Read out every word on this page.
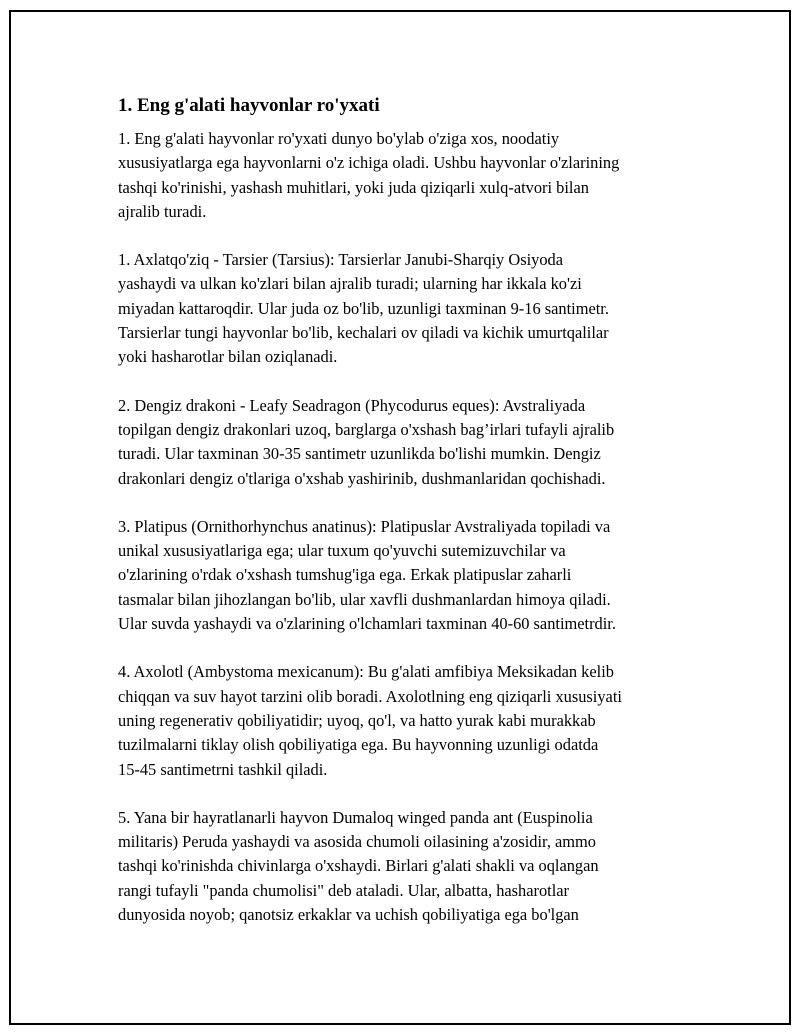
1. Eng g'alati hayvonlar ro'yxati

1. Eng g'alati hayvonlar ro'yxati dunyo bo'ylab o'ziga xos, noodatiy
xususiyatlarga ega hayvonlarni o'z ichiga oladi. Ushbu hayvonlar o'zlarining
tashqi ko'rinishi, yashash muhitlari, yoki juda qiziqarli xulq-atvori bilan
ajralib turadi.

1. Axlatqo'ziq - Tarsier (Tarsius): Tarsierlar Janubi-Sharqiy Osiyoda
yashaydi va ulkan ko'zlari bilan ajralib turadi; ularning har ikkala ko'zi
miyadan kattaroqdir. Ular juda oz bo'lib, uzunligi taxminan 9-16 santimetr.
Tarsierlar tungi hayvonlar bo'lib, kechalari ov qiladi va kichik umurtqalilar
yoki hasharotlar bilan oziqlanadi.

2. Dengiz drakoni - Leafy Seadragon (Phycodurus eques): Avstraliyada
topilgan dengiz drakonlari uzoq, barglarga o'xshash bag’irlari tufayli ajralib
turadi. Ular taxminan 30-35 santimetr uzunlikda bo'lishi mumkin. Dengiz
drakonlari dengiz o'tlariga o'xshab yashirinib, dushmanlaridan qochishadi.

3. Platipus (Ornithorhynchus anatinus): Platipuslar Avstraliyada topiladi va
unikal xususiyatlariga ega; ular tuxum qo'yuvchi sutemizuvchilar va
o'zlarining o'rdak o'xshash tumshug'iga ega. Erkak platipuslar zaharli
tasmalar bilan jihozlangan bo'lib, ular xavfli dushmanlardan himoya qiladi.
Ular suvda yashaydi va o'zlarining o'lchamlari taxminan 40-60 santimetrdir.

4. Axolotl (Ambystoma mexicanum): Bu g'alati amfibiya Meksikadan kelib
chiqqan va suv hayot tarzini olib boradi. Axolotlning eng qiziqarli xususiyati
uning regenerativ qobiliyatidir; uyoq, qo'l, va hatto yurak kabi murakkab
tuzilmalarni tiklay olish qobiliyatiga ega. Bu hayvonning uzunligi odatda
15-45 santimetrni tashkil qiladi.

5. Yana bir hayratlanarli hayvon Dumaloq winged panda ant (Euspinolia
militaris) Peruda yashaydi va asosida chumoli oilasining a'zosidir, ammo
tashqi ko'rinishda chivinlarga o'xshaydi. Birlari g'alati shakli va oqlangan
rangi tufayli "panda chumolisi" deb ataladi. Ular, albatta, hasharotlar
dunyosida noyob; qanotsiz erkaklar va uchish qobiliyatiga ega bo'lgan
